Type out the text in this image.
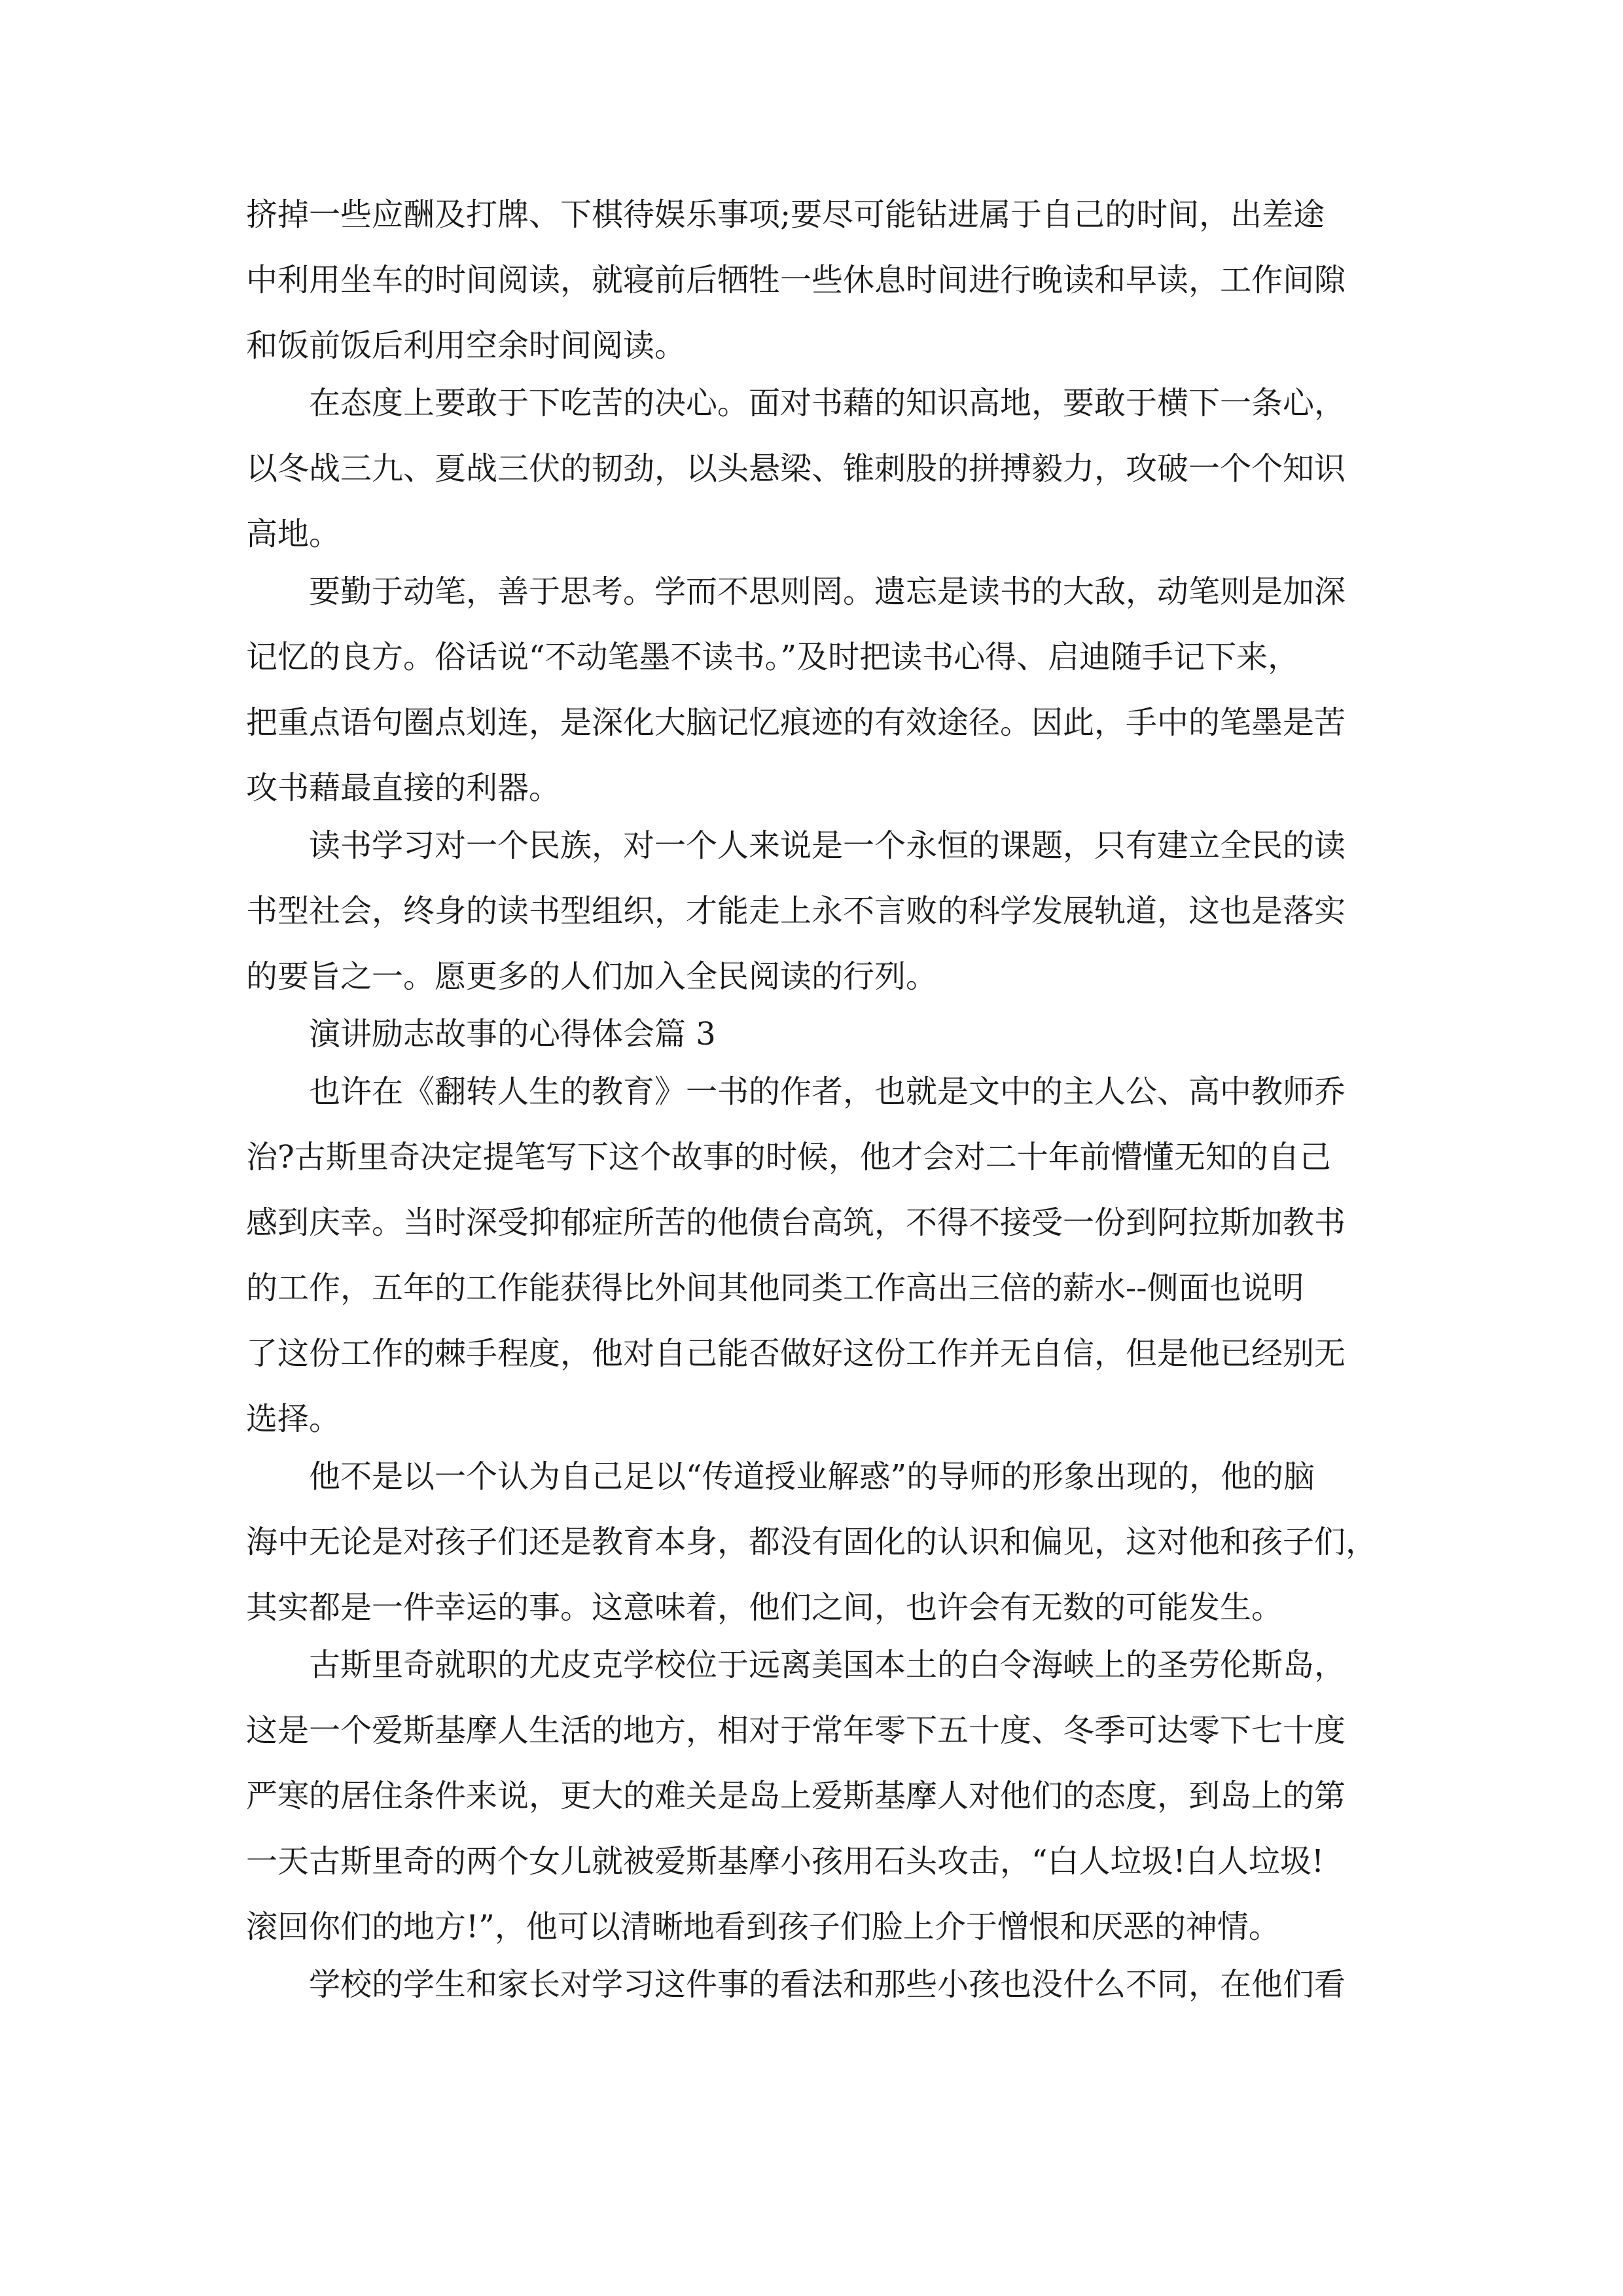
挤掉一些应酬及打牌、下棋待娱乐事项;要尽可能钻进属于自己的时间，出差途
中利用坐车的时间阅读，就寝前后牺牲一些休息时间进行晚读和早读，工作间隙
和饭前饭后利用空余时间阅读。
在态度上要敢于下吃苦的决心。面对书藉的知识高地，要敢于横下一条心，
以冬战三九、夏战三伏的韧劲，以头悬梁、锥刺股的拼搏毅力，攻破一个个知识
高地。
要勤于动笔，善于思考。学而不思则罔。遗忘是读书的大敌，动笔则是加深
记忆的良方。俗话说“不动笔墨不读书。”及时把读书心得、启迪随手记下来，
把重点语句圈点划连，是深化大脑记忆痕迹的有效途径。因此，手中的笔墨是苦
攻书藉最直接的利器。
读书学习对一个民族，对一个人来说是一个永恒的课题，只有建立全民的读
书型社会，终身的读书型组织，才能走上永不言败的科学发展轨道，这也是落实
的要旨之一。愿更多的人们加入全民阅读的行列。
演讲励志故事的心得体会篇 3
也许在《翻转人生的教育》一书的作者，也就是文中的主人公、高中教师乔
治?古斯里奇决定提笔写下这个故事的时候，他才会对二十年前懵懂无知的自己
感到庆幸。当时深受抑郁症所苦的他债台高筑，不得不接受一份到阿拉斯加教书
的工作，五年的工作能获得比外间其他同类工作高出三倍的薪水--侧面也说明
了这份工作的棘手程度，他对自己能否做好这份工作并无自信，但是他已经别无
选择。
他不是以一个认为自己足以“传道授业解惑”的导师的形象出现的，他的脑
海中无论是对孩子们还是教育本身，都没有固化的认识和偏见，这对他和孩子们，
其实都是一件幸运的事。这意味着，他们之间，也许会有无数的可能发生。
古斯里奇就职的尤皮克学校位于远离美国本土的白令海峡上的圣劳伦斯岛，
这是一个爱斯基摩人生活的地方，相对于常年零下五十度、冬季可达零下七十度
严寒的居住条件来说，更大的难关是岛上爱斯基摩人对他们的态度，到岛上的第
一天古斯里奇的两个女儿就被爱斯基摩小孩用石头攻击，“白人垃圾!白人垃圾!
滚回你们的地方!”，他可以清晰地看到孩子们脸上介于憎恨和厌恶的神情。
学校的学生和家长对学习这件事的看法和那些小孩也没什么不同，在他们看
